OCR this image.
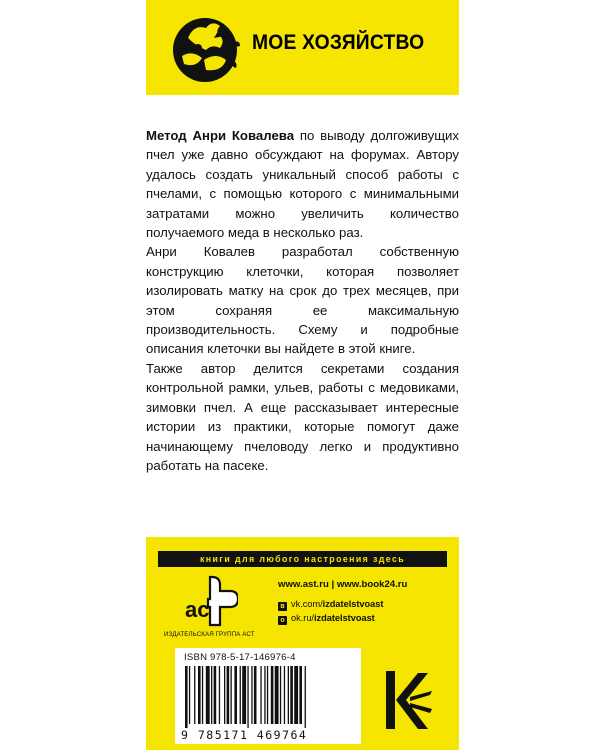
МОЕ ХОЗЯЙСТВО

Метод Анри Ковалева по выводу долгоживущих пчел уже давно обсуждают на форумах. Автору удалось создать уникальный способ работы с пчелами, с помощью которого с минимальными затратами можно увеличить количество получаемого меда в несколько раз.

Анри Ковалев разработал собственную конструкцию клеточки, которая позволяет изолировать матку на срок до трех месяцев, при этом сохраняя ее максимальную производительность. Схему и подробные описания клеточки вы найдете в этой книге.

Также автор делится секретами создания контрольной рамки, ульев, работы с медовиками, зимовки пчел. А еще рассказывает интересные истории из практики, которые помогут даже начинающему пчеловоду легко и продуктивно работать на пасеке.

книги для любого настроения здесь
ас
ИЗДАТЕЛЬСКАЯ ГРУППА АСТ
www.ast.ru | www.book24.ru
в vk.com/izdatelstvoast
о ok.ru/izdatelstvoast
ISBN 978-5-17-146976-4
9 785171 469764
